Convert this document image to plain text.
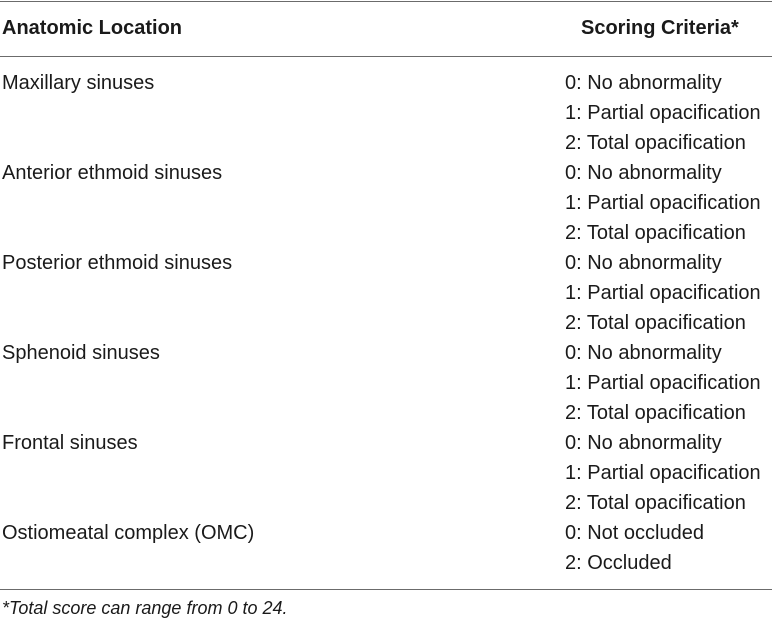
Anatomic Location	Scoring Criteria*
Maxillary sinuses	0: No abnormality
1: Partial opacification
2: Total opacification
Anterior ethmoid sinuses	0: No abnormality
1: Partial opacification
2: Total opacification
Posterior ethmoid sinuses	0: No abnormality
1: Partial opacification
2: Total opacification
Sphenoid sinuses	0: No abnormality
1: Partial opacification
2: Total opacification
Frontal sinuses	0: No abnormality
1: Partial opacification
2: Total opacification
Ostiomeatal complex (OMC)	0: Not occluded
2: Occluded
*Total score can range from 0 to 24.
